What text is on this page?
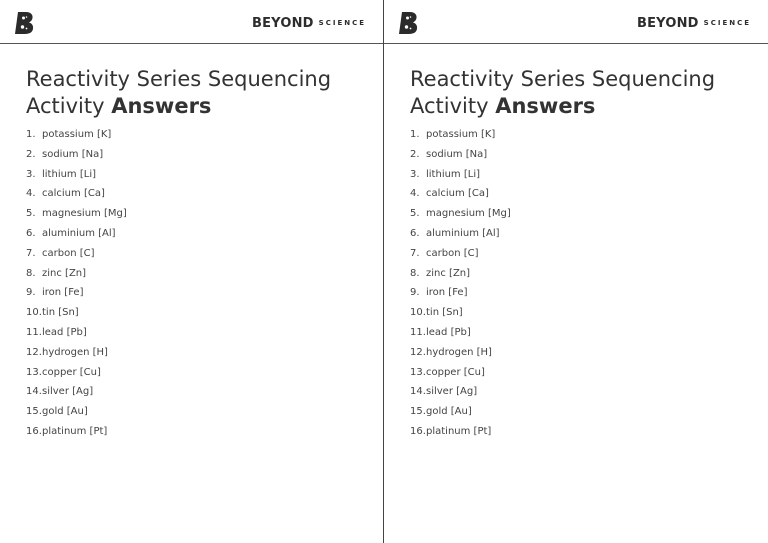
BEYOND SCIENCE
Reactivity Series Sequencing
Activity Answers
1. potassium [K]
2. sodium [Na]
3. lithium [Li]
4. calcium [Ca]
5. magnesium [Mg]
6. aluminium [Al]
7. carbon [C]
8. zinc [Zn]
9. iron [Fe]
10.tin [Sn]
11.lead [Pb]
12.hydrogen [H]
13.copper [Cu]
14.silver [Ag]
15.gold [Au]
16.platinum [Pt]
BEYOND SCIENCE
Reactivity Series Sequencing
Activity Answers
1. potassium [K]
2. sodium [Na]
3. lithium [Li]
4. calcium [Ca]
5. magnesium [Mg]
6. aluminium [Al]
7. carbon [C]
8. zinc [Zn]
9. iron [Fe]
10.tin [Sn]
11.lead [Pb]
12.hydrogen [H]
13.copper [Cu]
14.silver [Ag]
15.gold [Au]
16.platinum [Pt]
